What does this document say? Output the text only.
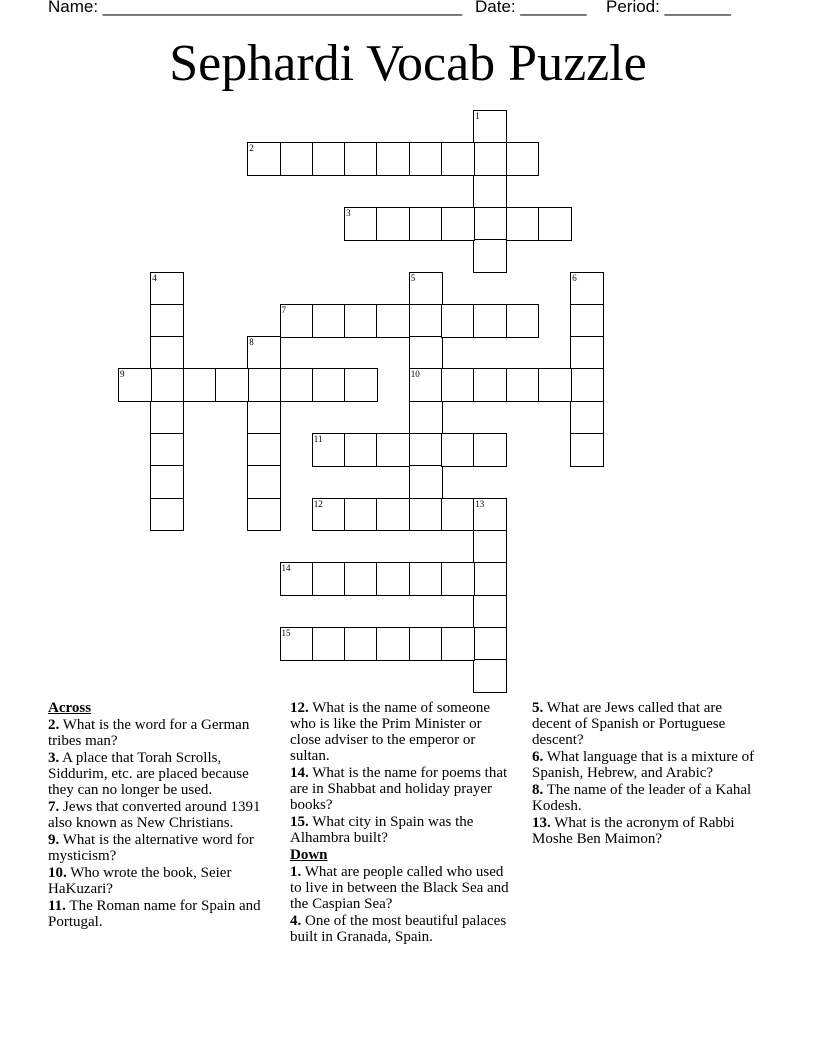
Name: ______________________________________ Date: _______ Period: _______
Sephardi Vocab Puzzle
1
2
3
4	5
10
6
7
8
9
11
12	13
14
15
Across
2. What is the word for a German tribes man?
3. A place that Torah Scrolls, Siddurim, etc. are placed because they can no longer be used.
7. Jews that converted around 1391 also known as New Christians.
9. What is the alternative word for mysticism?
10. Who wrote the book, Seier HaKuzari?
11. The Roman name for Spain and Portugal.
12. What is the name of someone who is like the Prim Minister or close adviser to the emperor or sultan.
14. What is the name for poems that are in Shabbat and holiday prayer books?
15. What city in Spain was the Alhambra built?
Down
1. What are people called who used to live in between the Black Sea and the Caspian Sea?
4. One of the most beautiful palaces built in Granada, Spain.
5. What are Jews called that are decent of Spanish or Portuguese descent?
6. What language that is a mixture of Spanish, Hebrew, and Arabic?
8. The name of the leader of a Kahal Kodesh.
13. What is the acronym of Rabbi Moshe Ben Maimon?
